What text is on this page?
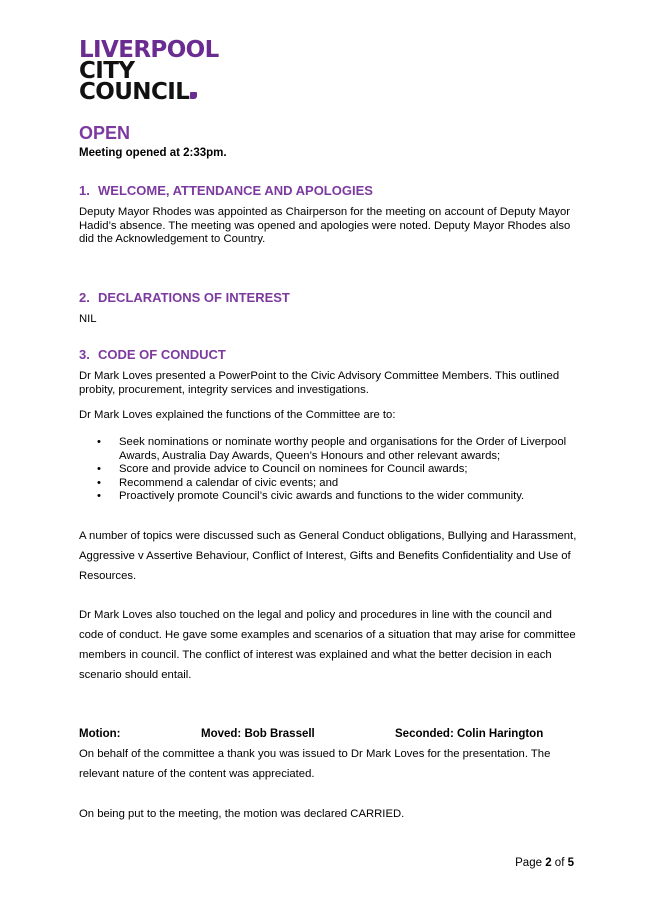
LIVERPOOL
CITY
COUNCIL
OPEN
Meeting opened at 2:33pm.
1. WELCOME, ATTENDANCE AND APOLOGIES
Deputy Mayor Rhodes was appointed as Chairperson for the meeting on account of Deputy Mayor Hadid’s absence. The meeting was opened and apologies were noted. Deputy Mayor Rhodes also did the Acknowledgement to Country.
2. DECLARATIONS OF INTEREST
NIL
3. CODE OF CONDUCT
Dr Mark Loves presented a PowerPoint to the Civic Advisory Committee Members. This outlined probity, procurement, integrity services and investigations.
Dr Mark Loves explained the functions of the Committee are to:
• Seek nominations or nominate worthy people and organisations for the Order of Liverpool Awards, Australia Day Awards, Queen’s Honours and other relevant awards;
• Score and provide advice to Council on nominees for Council awards;
• Recommend a calendar of civic events; and
• Proactively promote Council’s civic awards and functions to the wider community.
A number of topics were discussed such as General Conduct obligations, Bullying and Harassment, Aggressive v Assertive Behaviour, Conflict of Interest, Gifts and Benefits Confidentiality and Use of Resources.
Dr Mark Loves also touched on the legal and policy and procedures in line with the council and code of conduct. He gave some examples and scenarios of a situation that may arise for committee members in council. The conflict of interest was explained and what the better decision in each scenario should entail.
Motion:	Moved: Bob Brassell	Seconded: Colin Harington
On behalf of the committee a thank you was issued to Dr Mark Loves for the presentation. The relevant nature of the content was appreciated.
On being put to the meeting, the motion was declared CARRIED.
Page 2 of 5
